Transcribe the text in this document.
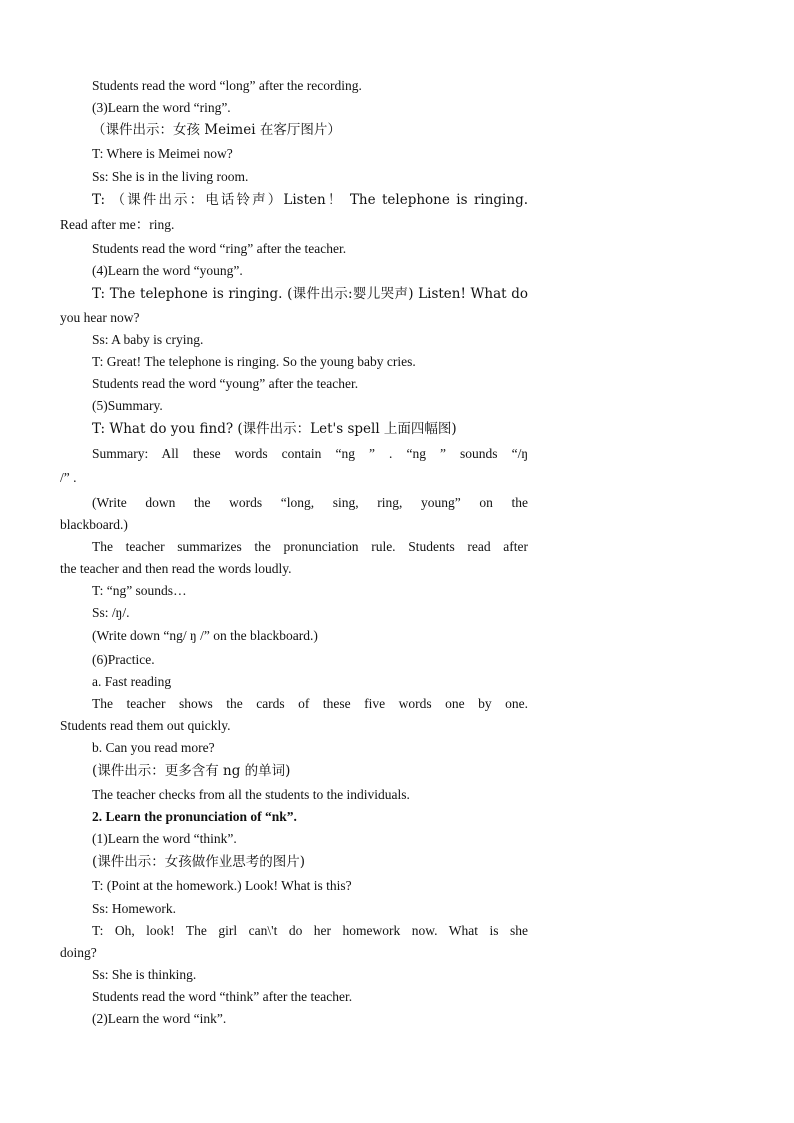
Students read the word “long” after the recording.
(3)Learn the word “ring”.
（课件出示：女孩 Meimei 在客厅图片）
T: Where is Meimei now?
Ss: She is in the living room.
T: （课件出示：电话铃声）Listen！ The telephone is ringing.
Read after me：ring.
Students read the word “ring” after the teacher.
(4)Learn the word “young”.
T: The telephone is ringing. (课件出示:婴儿哭声) Listen! What do
you hear now?
Ss: A baby is crying.
T: Great! The telephone is ringing. So the young baby cries.
Students read the word “young” after the teacher.
(5)Summary.
T: What do you find? (课件出示：Let's spell 上面四幅图)
Summary: All these words contain “ng ” . “ng ” sounds “/ŋ
/” .
(Write down the words “long, sing, ring, young” on the
blackboard.)
The teacher summarizes the pronunciation rule. Students read after
the teacher and then read the words loudly.
T: “ng” sounds…
Ss: /ŋ/.
(Write down “ng/ ŋ /” on the blackboard.)
(6)Practice.
a. Fast reading
The teacher shows the cards of these five words one by one.
Students read them out quickly.
b. Can you read more?
(课件出示：更多含有 ng 的单词)
The teacher checks from all the students to the individuals.
2. Learn the pronunciation of “nk”.
(1)Learn the word “think”.
(课件出示：女孩做作业思考的图片)
T: (Point at the homework.) Look! What is this?
Ss: Homework.
T: Oh, look! The girl can\'t do her homework now. What is she
doing?
Ss: She is thinking.
Students read the word “think” after the teacher.
(2)Learn the word “ink”.
